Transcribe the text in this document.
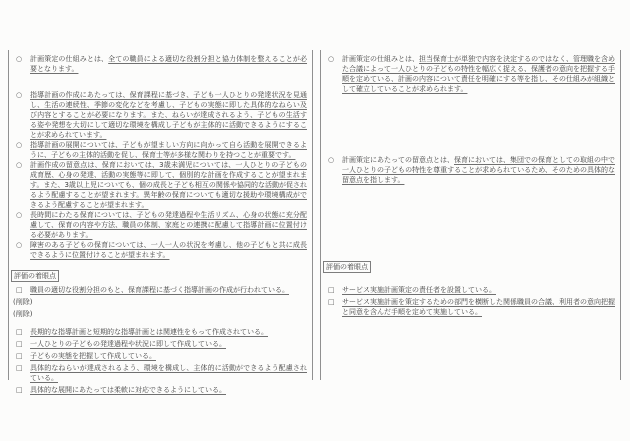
○	計画策定の仕組みとは、全ての職員による適切な役割分担と協力体制を整えることが必要となります。
○	指導計画の作成にあたっては、保育課程に基づき、子ども一人ひとりの発達状況を見通し、生活の連続性、季節の変化などを考慮し、子どもの実態に即した具体的なねらい及び内容とすることが必要になります。また、ねらいが達成されるよう、子どもの生活する姿や発想を大切にして適切な環境を構成し子どもが主体的に活動できるようにすることが求められています。
○	指導計画の展開については、子どもが望ましい方向に向かって自ら活動を展開できるように、子どもの主体的活動を促し、保育士等が多様な関わりを持つことが重要です。
○	計画作成の留意点は、保育においては、3歳未満児については、一人ひとりの子どもの成育歴、心身の発達、活動の実態等に即して、個別的な計画を作成することが望まれます。また、3歳以上児についても、個の成長と子ども相互の関係や協同的な活動が促されるよう配慮することが望まれます。異年齢の保育についても適切な援助や環境構成ができるよう配慮することが望まれます。
○	長時間にわたる保育については、子どもの発達過程や生活リズム、心身の状態に充分配慮して、保育の内容や方法、職員の体制、家庭との連携に配慮して指導計画に位置付ける必要があります。
○	障害のある子どもの保育については、一人一人の状況を考慮し、他の子どもと共に成長できるように位置付けることが望まれます。
評価の着眼点
□	職員の適切な役割分担のもと、保育課程に基づく指導計画の作成が行われている。
(削除)
(削除)
□	長期的な指導計画と短期的な指導計画とは関連性をもって作成されている。
□	一人ひとりの子どもの発達過程や状況に即して作成している。
□	子どもの実態を把握して作成している。
□	具体的なねらいが達成されるよう、環境を構成し、主体的に活動ができるよう配慮されている。
□	具体的な展開にあたっては柔軟に対応できるようにしている。
○	計画策定の仕組みとは、担当保育士が単独で内容を決定するのではなく、管理職を含めた合議によって一人ひとりの子どもの特性を幅広く捉える、保護者の意向を把握する手順を定めている、計画の内容について責任を明確にする等を指し、その仕組みが組織として確立していることが求められます。
○	計画策定にあたっての留意点とは、保育においては、集団での保育としての取組の中で一人ひとりの子どもの特性を尊重することが求められているため、そのための具体的な留意点を指します。
評価の着眼点
□	サービス実施計画策定の責任者を設置している。
□	サービス実施計画を策定するための部門を横断した関係職員の合議、利用者の意向把握と同意を含んだ手順を定めて実施している。
